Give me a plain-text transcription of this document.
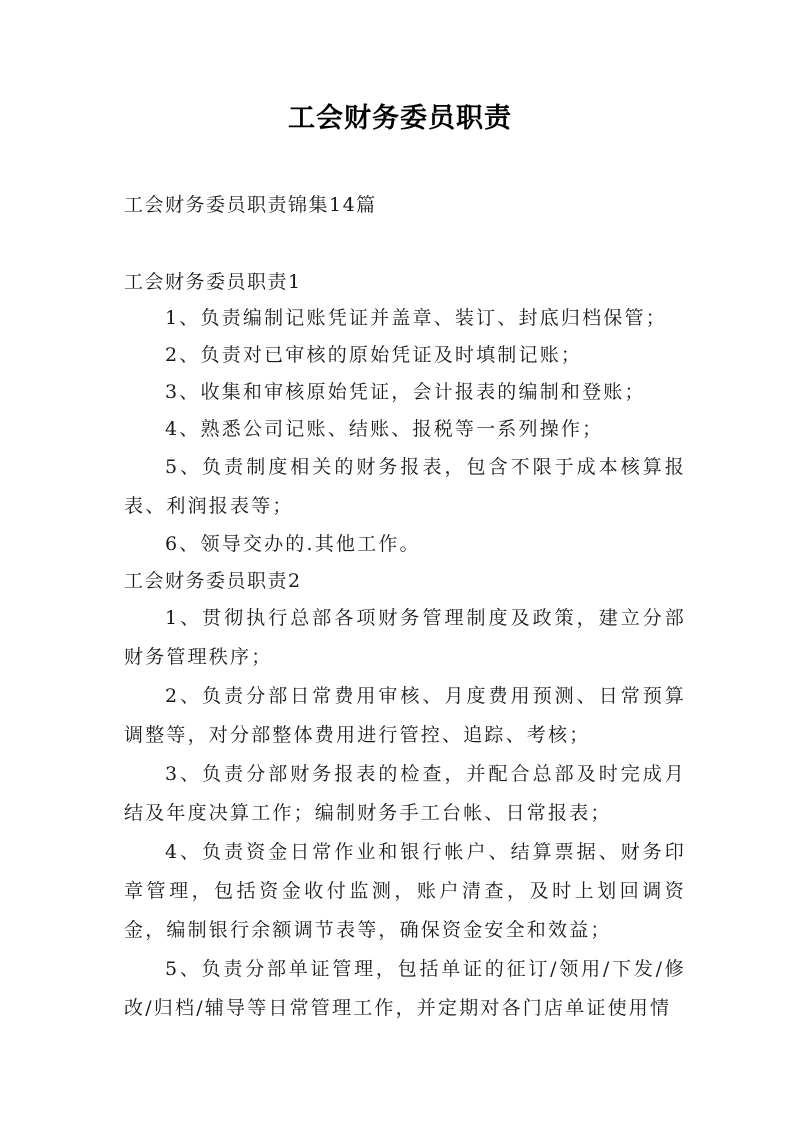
工会财务委员职责
工会财务委员职责锦集14篇

工会财务委员职责1

1、负责编制记账凭证并盖章、装订、封底归档保管；

2、负责对已审核的原始凭证及时填制记账；

3、收集和审核原始凭证，会计报表的编制和登账；

4、熟悉公司记账、结账、报税等一系列操作；

5、负责制度相关的财务报表，包含不限于成本核算报表、利润报表等；

6、领导交办的.其他工作。

工会财务委员职责2

1、贯彻执行总部各项财务管理制度及政策，建立分部财务管理秩序；

2、负责分部日常费用审核、月度费用预测、日常预算调整等，对分部整体费用进行管控、追踪、考核；

3、负责分部财务报表的检查，并配合总部及时完成月结及年度决算工作；编制财务手工台帐、日常报表；

4、负责资金日常作业和银行帐户、结算票据、财务印章管理，包括资金收付监测，账户清查，及时上划回调资金，编制银行余额调节表等，确保资金安全和效益；

5、负责分部单证管理，包括单证的征订/领用/下发/修改/归档/辅导等日常管理工作，并定期对各门店单证使用情
